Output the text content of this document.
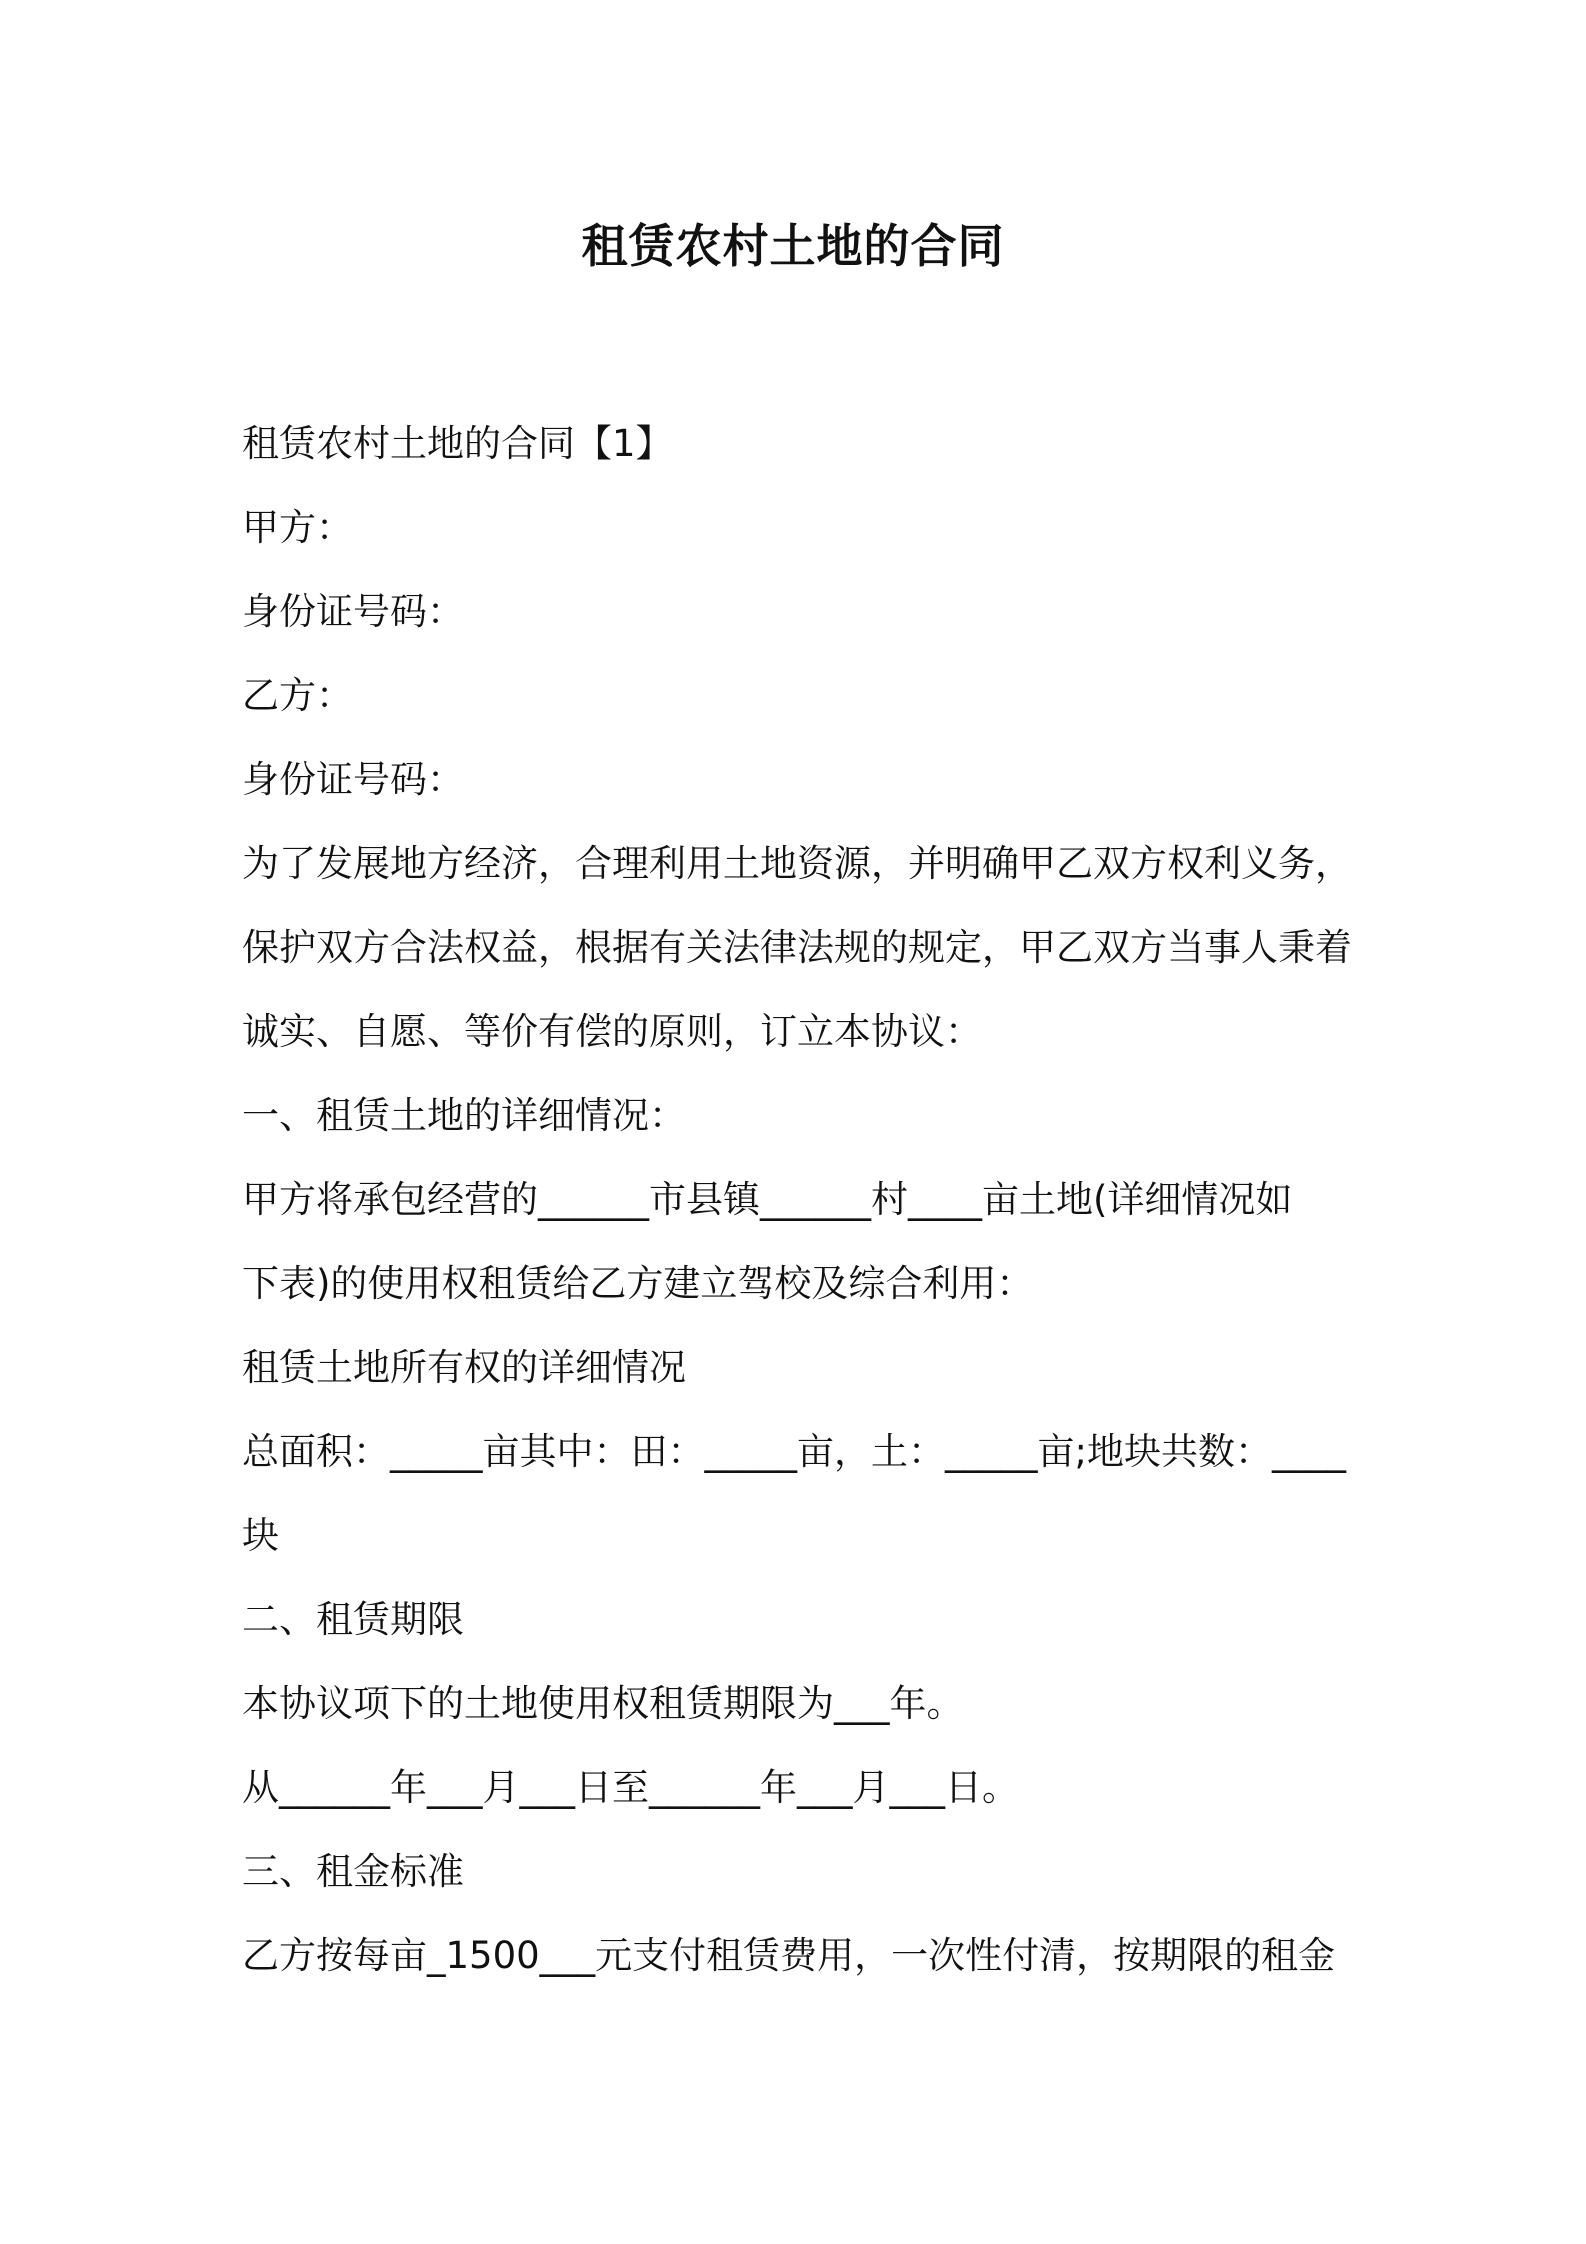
租赁农村土地的合同
租赁农村土地的合同【1】
甲方：
身份证号码：
乙方：
身份证号码：
为了发展地方经济，合理利用土地资源，并明确甲乙双方权利义务，
保护双方合法权益，根据有关法律法规的规定，甲乙双方当事人秉着
诚实、自愿、等价有偿的原则，订立本协议：
一、租赁土地的详细情况：
甲方将承包经营的______市县镇______村____亩土地(详细情况如
下表)的使用权租赁给乙方建立驾校及综合利用：
租赁土地所有权的详细情况
总面积：_____亩其中：田：_____亩，土：_____亩;地块共数：____
块
二、租赁期限
本协议项下的土地使用权租赁期限为___年。
从______年___月___日至______年___月___日。
三、租金标准
乙方按每亩_1500___元支付租赁费用，一次性付清，按期限的租金
